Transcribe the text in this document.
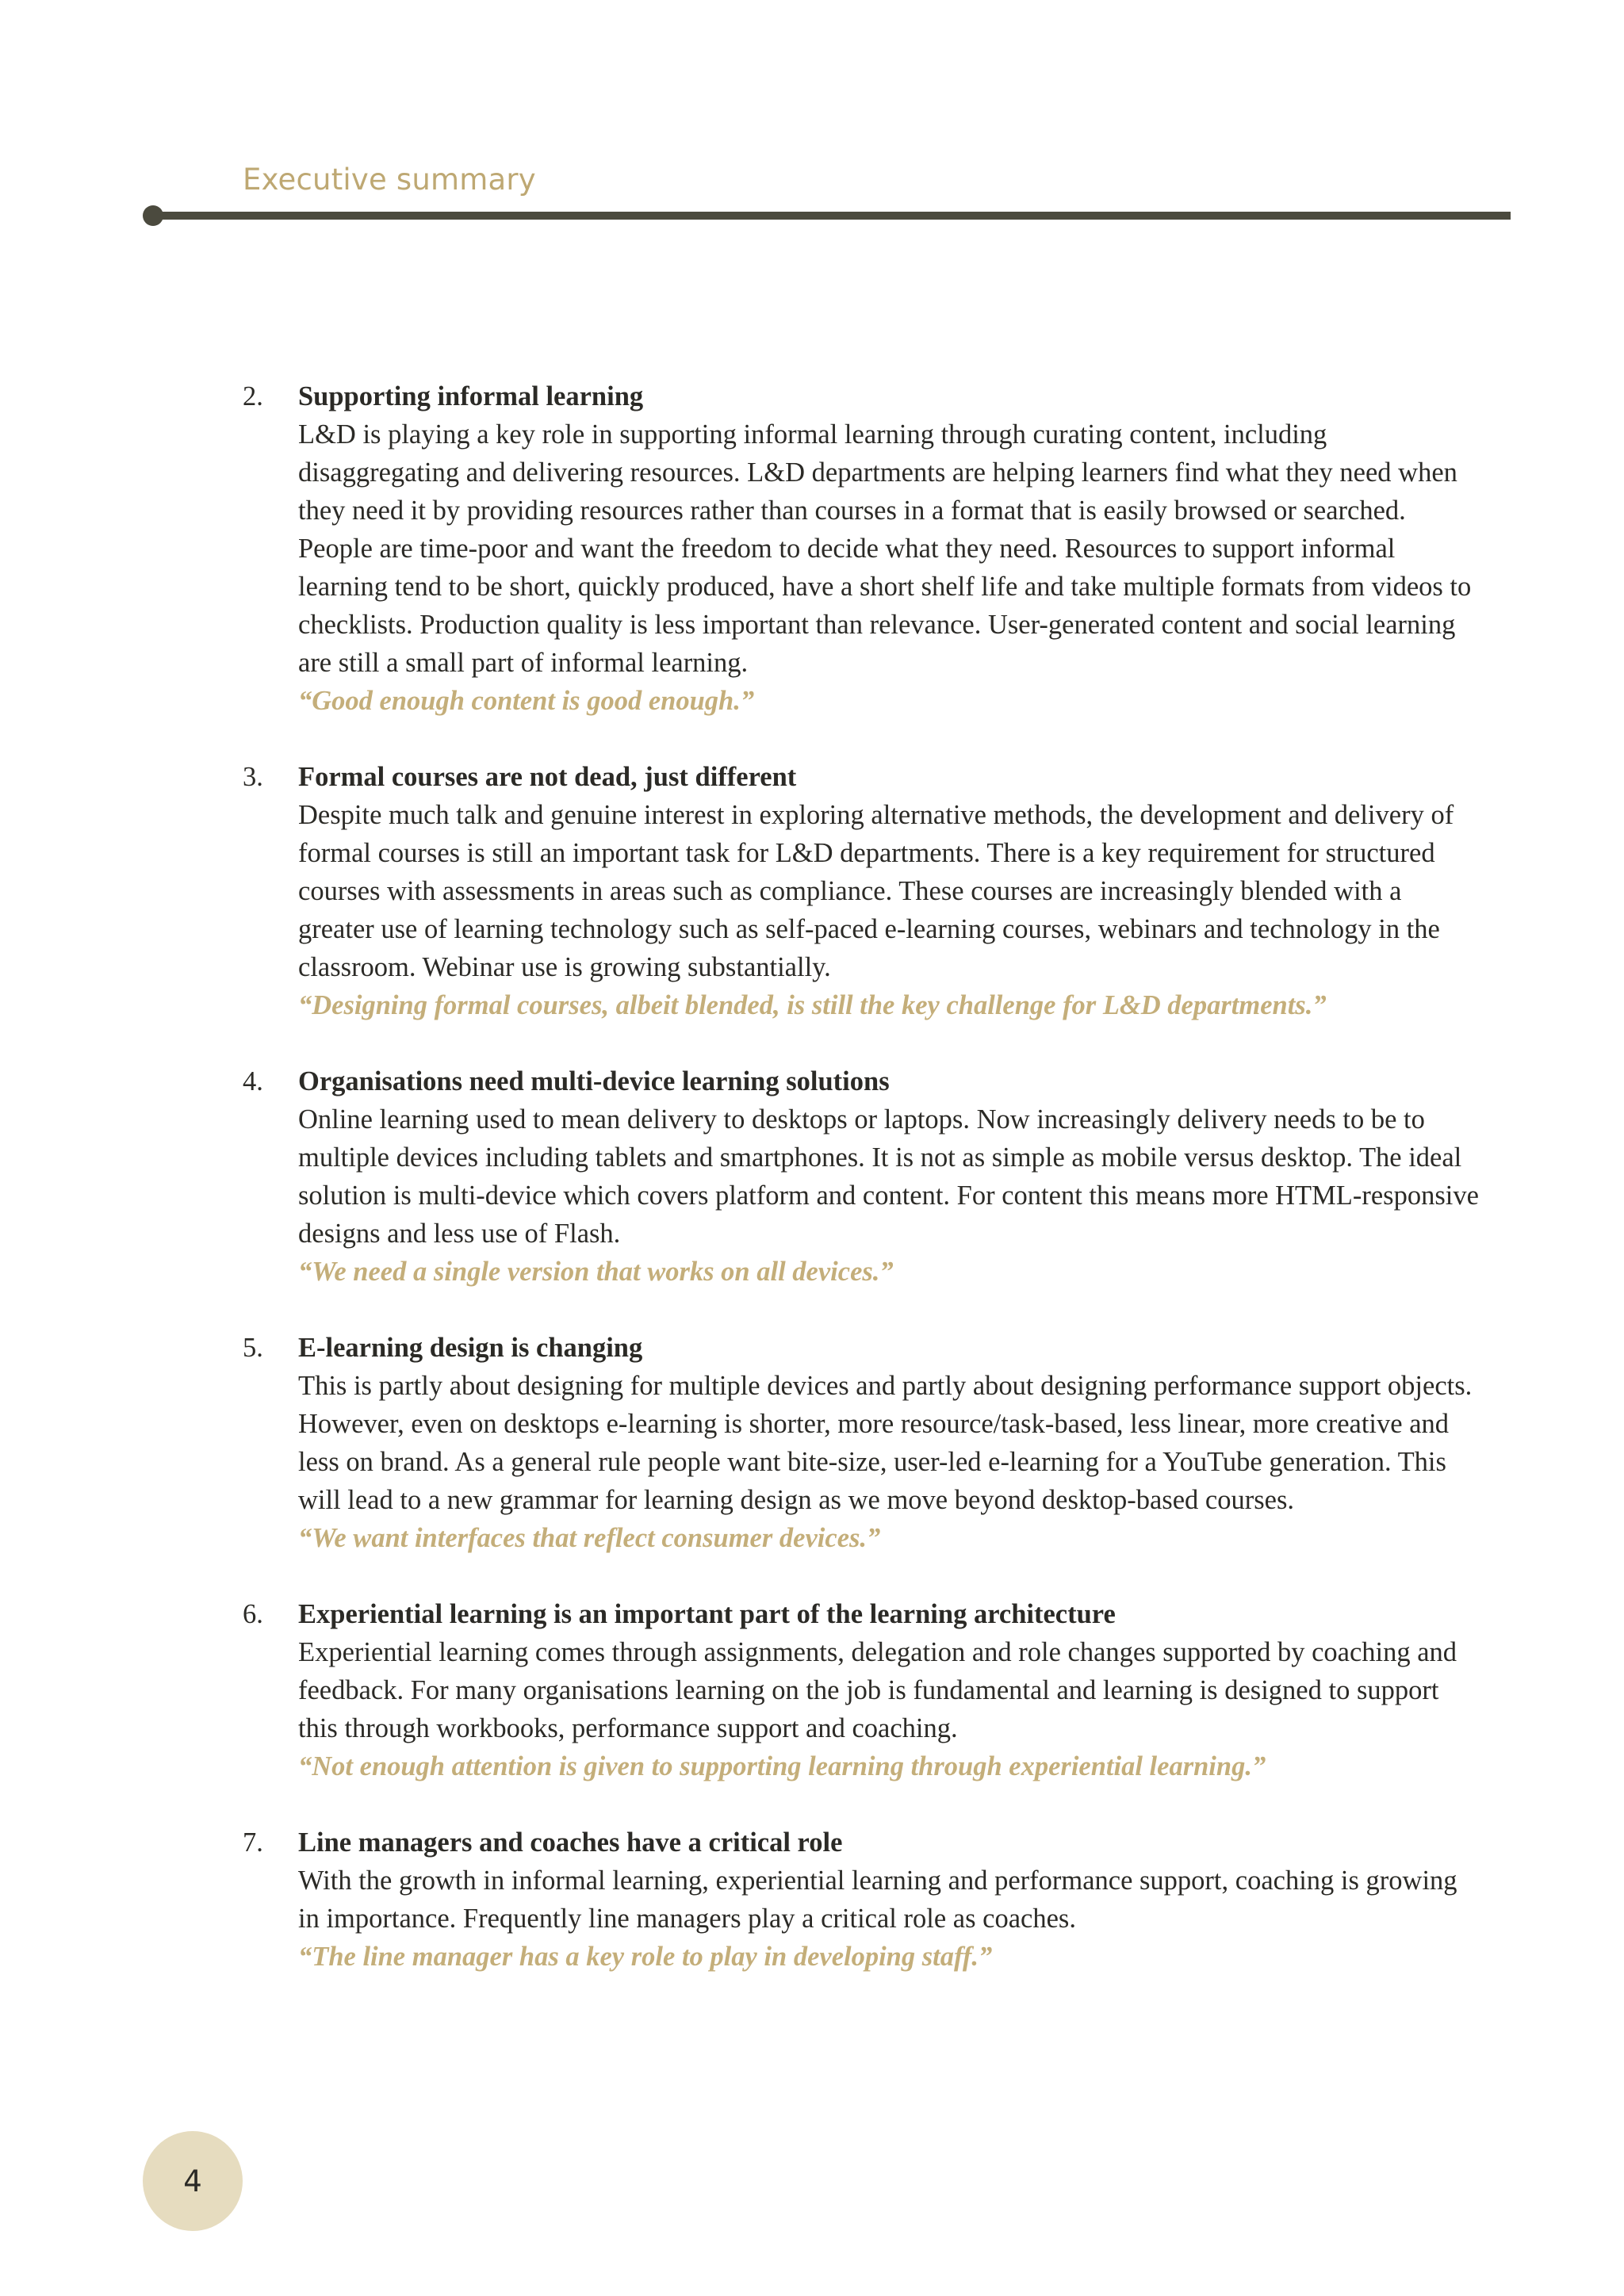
Executive summary
2.	Supporting informal learning
L&D is playing a key role in supporting informal learning through curating content, including disaggregating and delivering resources. L&D departments are helping learners find what they need when they need it by providing resources rather than courses in a format that is easily browsed or searched. People are time-poor and want the freedom to decide what they need. Resources to support informal learning tend to be short, quickly produced, have a short shelf life and take multiple formats from videos to checklists. Production quality is less important than relevance. User-generated content and social learning are still a small part of informal learning.
“Good enough content is good enough.”
3.	Formal courses are not dead, just different
Despite much talk and genuine interest in exploring alternative methods, the development and delivery of formal courses is still an important task for L&D departments. There is a key requirement for structured courses with assessments in areas such as compliance. These courses are increasingly blended with a greater use of learning technology such as self-paced e-learning courses, webinars and technology in the classroom. Webinar use is growing substantially.
“Designing formal courses, albeit blended, is still the key challenge for L&D departments.”
4.	Organisations need multi-device learning solutions
Online learning used to mean delivery to desktops or laptops. Now increasingly delivery needs to be to multiple devices including tablets and smartphones. It is not as simple as mobile versus desktop. The ideal solution is multi-device which covers platform and content. For content this means more HTML-responsive designs and less use of Flash.
“We need a single version that works on all devices.”
5.	E-learning design is changing
This is partly about designing for multiple devices and partly about designing performance support objects. However, even on desktops e-learning is shorter, more resource/task-based, less linear, more creative and less on brand. As a general rule people want bite-size, user-led e-learning for a YouTube generation. This will lead to a new grammar for learning design as we move beyond desktop-based courses.
“We want interfaces that reflect consumer devices.”
6.	Experiential learning is an important part of the learning architecture
Experiential learning comes through assignments, delegation and role changes supported by coaching and feedback. For many organisations learning on the job is fundamental and learning is designed to support this through workbooks, performance support and coaching.
“Not enough attention is given to supporting learning through experiential learning.”
7.	Line managers and coaches have a critical role
With the growth in informal learning, experiential learning and performance support, coaching is growing in importance. Frequently line managers play a critical role as coaches.
“The line manager has a key role to play in developing staff.”
4
